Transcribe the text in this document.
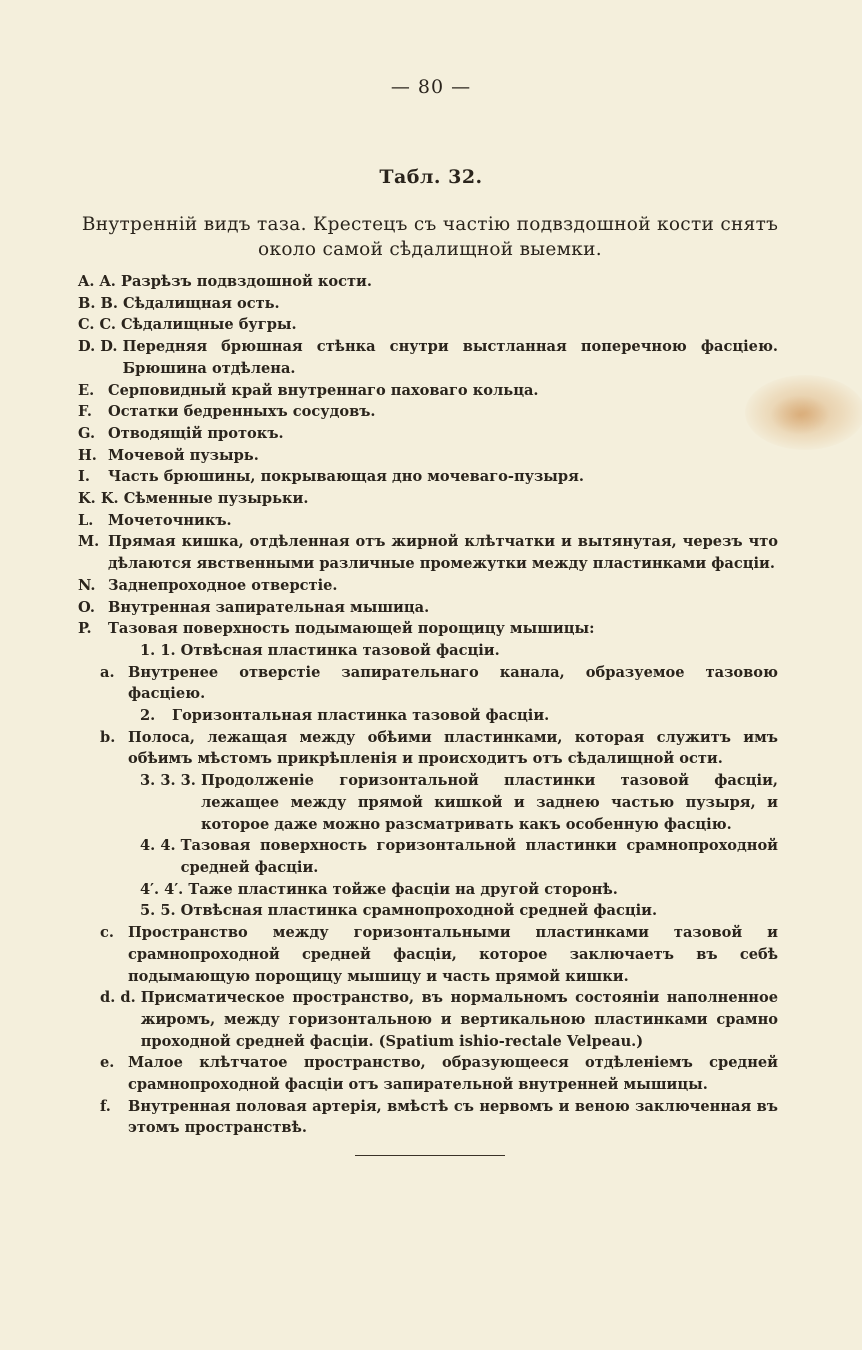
— 80 —
Табл. 32.
Внутренній видъ таза. Крестецъ съ частію подвздошной кости снятъ около самой сѣдалищной выемки.
A. A. Разрѣзъ подвздошной кости.
B. B. Сѣдалищная ость.
C. C. Сѣдалищные бугры.
D. D. Передняя брюшная стѣнка снутри выстланная поперечною фасціею. Брюшина отдѣлена.
E. Серповидный край внутреннаго паховаго кольца.
F. Остатки бедренныхъ сосудовъ.
G. Отводящій протокъ.
H. Мочевой пузырь.
I. Часть брюшины, покрывающая дно мочеваго-пузыря.
K. K. Сѣменные пузырьки.
L. Мочеточникъ.
M. Прямая кишка, отдѣленная отъ жирной клѣтчатки и вытянутая, черезъ что дѣлаются явственными различные промежутки между пластинками фасціи.
N. Заднепроходное отверстіе.
O. Внутренная запирательная мышица.
P. Тазовая поверхность подымающей порощицу мышицы:
1. 1. Отвѣсная пластинка тазовой фасціи.
a. Внутренее отверстіе запирательнаго канала, образуемое тазовою фасціею.
2. Горизонтальная пластинка тазовой фасціи.
b. Полоса, лежащая между обѣими пластинками, которая служитъ имъ обѣимъ мѣстомъ прикрѣпленія и происходитъ отъ сѣдалищной ости.
3. 3. 3. Продолженіе горизонтальной пластинки тазовой фасціи, лежащее между прямой кишкой и заднею частью пузыря, и которое даже можно разсматривать какъ особенную фасцію.
4. 4. Тазовая поверхность горизонтальной пластинки срамнопроходной средней фасціи.
4′. 4′. Таже пластинка тойже фасціи на другой сторонѣ.
5. 5. Отвѣсная пластинка срамнопроходной средней фасціи.
c. Пространство между горизонтальными пластинками тазовой и срамнопроходной средней фасціи, которое заключаетъ въ себѣ подымающую порощицу мышицу и часть прямой кишки.
d. d. Присматическое пространство, въ нормальномъ состояніи наполненное жиромъ, между горизонтальною и вертикальною пластинками срамно проходной средней фасціи. (Spatium ishio-rectale Velpeau.)
e. Малое клѣтчатое пространство, образующееся отдѣленіемъ средней срамнопроходной фасціи отъ запирательной внутренней мышицы.
f. Внутренная половая артерія, вмѣстѣ съ нервомъ и веною заключенная въ этомъ пространствѣ.
